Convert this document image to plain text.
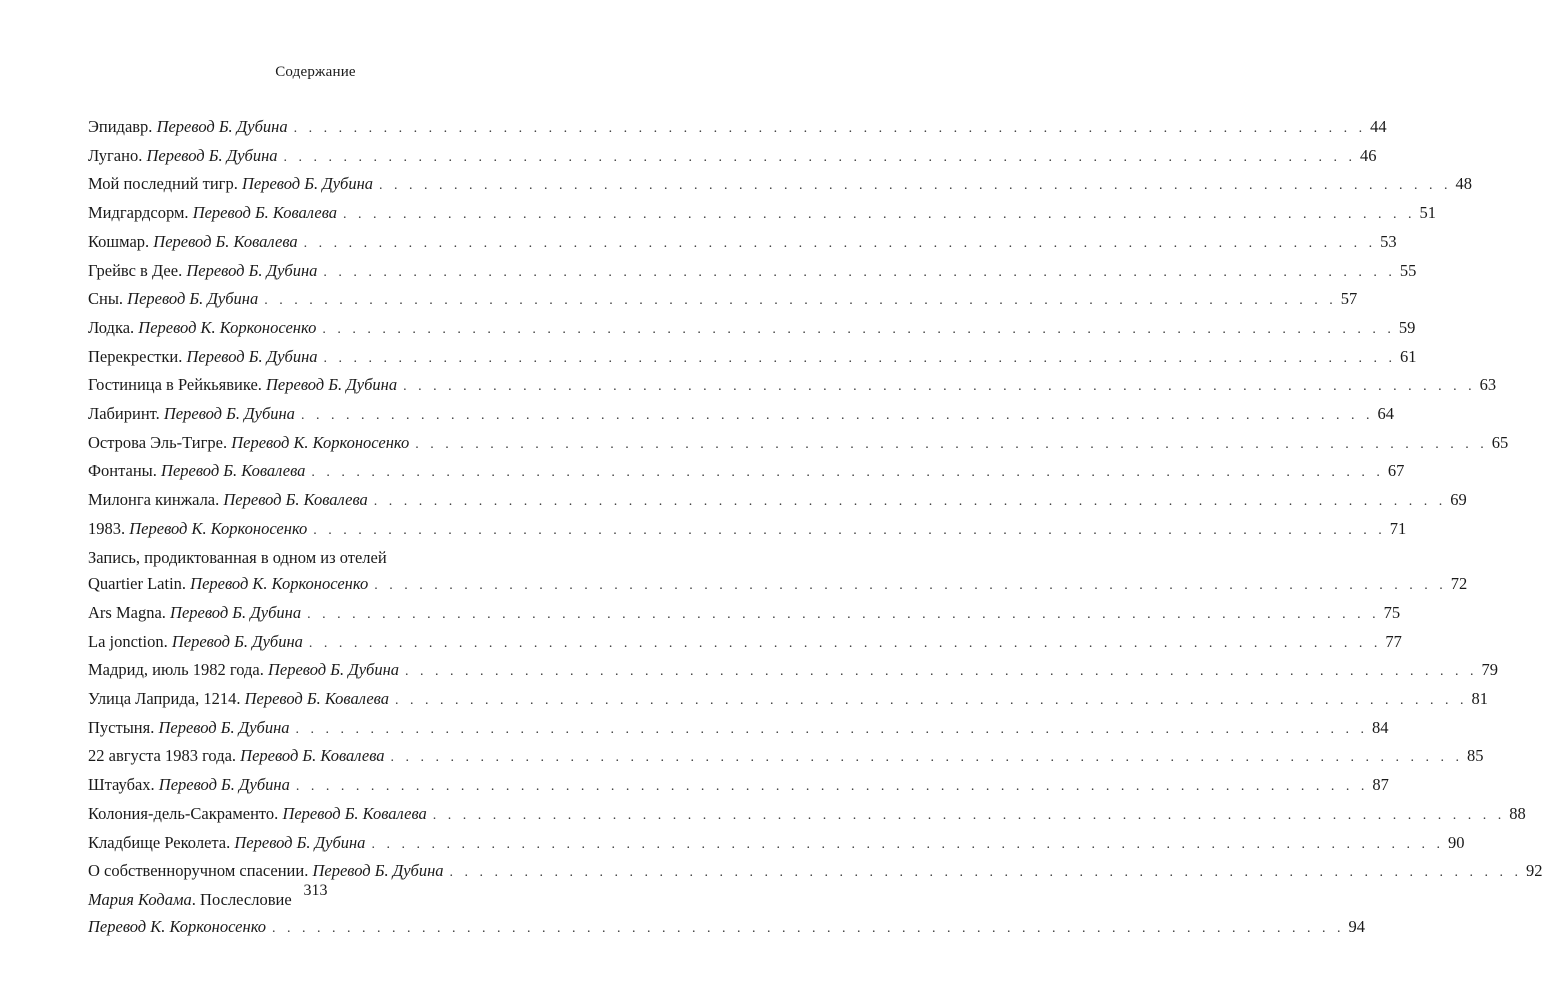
Содержание
Эпидавр. Перевод Б. Дубина . . . . . . . . . . . . . . . . . . . . . . . . . . . . . . . . . . . . . . . . . . . . . . . . . . . . . . . . . . . . . . . . . . . . . . . . 44
Лугано. Перевод Б. Дубина . . . . . . . . . . . . . . . . . . . . . . . . . . . . . . . . . . . . . . . . . . . . . . . . . . . . . . . . . . . . . . . . . . . . . . . . 46
Мой последний тигр. Перевод Б. Дубина . . . . . . . . . . . . . . . . . . . . . . . . . . . . . . . . . . . . . . . . . . . . . . . . . . . . . . . . . . . . . . . . . . . . . . . . 48
Мидгардсорм. Перевод Б. Ковалева . . . . . . . . . . . . . . . . . . . . . . . . . . . . . . . . . . . . . . . . . . . . . . . . . . . . . . . . . . . . . . . . . . . . . . . . 51
Кошмар. Перевод Б. Ковалева . . . . . . . . . . . . . . . . . . . . . . . . . . . . . . . . . . . . . . . . . . . . . . . . . . . . . . . . . . . . . . . . . . . . . . . . 53
Грейвс в Дее. Перевод Б. Дубина . . . . . . . . . . . . . . . . . . . . . . . . . . . . . . . . . . . . . . . . . . . . . . . . . . . . . . . . . . . . . . . . . . . . . . . . 55
Сны. Перевод Б. Дубина . . . . . . . . . . . . . . . . . . . . . . . . . . . . . . . . . . . . . . . . . . . . . . . . . . . . . . . . . . . . . . . . . . . . . . . . 57
Лодка. Перевод К. Корконосенко . . . . . . . . . . . . . . . . . . . . . . . . . . . . . . . . . . . . . . . . . . . . . . . . . . . . . . . . . . . . . . . . . . . . . . . . 59
Перекрестки. Перевод Б. Дубина . . . . . . . . . . . . . . . . . . . . . . . . . . . . . . . . . . . . . . . . . . . . . . . . . . . . . . . . . . . . . . . . . . . . . . . . 61
Гостиница в Рейкьявике. Перевод Б. Дубина . . . . . . . . . . . . . . . . . . . . . . . . . . . . . . . . . . . . . . . . . . . . . . . . . . . . . . . . . . . . . . . . . . . . . . . . 63
Лабиринт. Перевод Б. Дубина . . . . . . . . . . . . . . . . . . . . . . . . . . . . . . . . . . . . . . . . . . . . . . . . . . . . . . . . . . . . . . . . . . . . . . . . 64
Острова Эль-Тигре. Перевод К. Корконосенко . . . . . . . . . . . . . . . . . . . . . . . . . . . . . . . . . . . . . . . . . . . . . . . . . . . . . . . . . . . . . . . . . . . . . . . . 65
Фонтаны. Перевод Б. Ковалева . . . . . . . . . . . . . . . . . . . . . . . . . . . . . . . . . . . . . . . . . . . . . . . . . . . . . . . . . . . . . . . . . . . . . . . . 67
Милонга кинжала. Перевод Б. Ковалева . . . . . . . . . . . . . . . . . . . . . . . . . . . . . . . . . . . . . . . . . . . . . . . . . . . . . . . . . . . . . . . . . . . . . . . . 69
1983. Перевод К. Корконосенко . . . . . . . . . . . . . . . . . . . . . . . . . . . . . . . . . . . . . . . . . . . . . . . . . . . . . . . . . . . . . . . . . . . . . . . . 71
Запись, продиктованная в одном из отелей
Quartier Latin. Перевод К. Корконосенко . . . . . . . . . . . . . . . . . . . . . . . . . . . . . . . . . . . . . . . . . . . . . . . . . . . . . . . . . . . . . . . . . . . . . . . . 72
Ars Magna. Перевод Б. Дубина . . . . . . . . . . . . . . . . . . . . . . . . . . . . . . . . . . . . . . . . . . . . . . . . . . . . . . . . . . . . . . . . . . . . . . . . 75
La jonction. Перевод Б. Дубина . . . . . . . . . . . . . . . . . . . . . . . . . . . . . . . . . . . . . . . . . . . . . . . . . . . . . . . . . . . . . . . . . . . . . . . . 77
Мадрид, июль 1982 года. Перевод Б. Дубина . . . . . . . . . . . . . . . . . . . . . . . . . . . . . . . . . . . . . . . . . . . . . . . . . . . . . . . . . . . . . . . . . . . . . . . . 79
Улица Лаприда, 1214. Перевод Б. Ковалева . . . . . . . . . . . . . . . . . . . . . . . . . . . . . . . . . . . . . . . . . . . . . . . . . . . . . . . . . . . . . . . . . . . . . . . . 81
Пустыня. Перевод Б. Дубина . . . . . . . . . . . . . . . . . . . . . . . . . . . . . . . . . . . . . . . . . . . . . . . . . . . . . . . . . . . . . . . . . . . . . . . . 84
22 августа 1983 года. Перевод Б. Ковалева . . . . . . . . . . . . . . . . . . . . . . . . . . . . . . . . . . . . . . . . . . . . . . . . . . . . . . . . . . . . . . . . . . . . . . . . 85
Штаубах. Перевод Б. Дубина . . . . . . . . . . . . . . . . . . . . . . . . . . . . . . . . . . . . . . . . . . . . . . . . . . . . . . . . . . . . . . . . . . . . . . . . 87
Колония-дель-Сакраменто. Перевод Б. Ковалева . . . . . . . . . . . . . . . . . . . . . . . . . . . . . . . . . . . . . . . . . . . . . . . . . . . . . . . . . . . . . . . . . . . . . . . . 88
Кладбище Реколета. Перевод Б. Дубина . . . . . . . . . . . . . . . . . . . . . . . . . . . . . . . . . . . . . . . . . . . . . . . . . . . . . . . . . . . . . . . . . . . . . . . . 90
О собственноручном спасении. Перевод Б. Дубина . . . . . . . . . . . . . . . . . . . . . . . . . . . . . . . . . . . . . . . . . . . . . . . . . . . . . . . . . . . . . . . . . . . . . . . . 92
Мария Кодама. Послесловие
Перевод К. Корконосенко . . . . . . . . . . . . . . . . . . . . . . . . . . . . . . . . . . . . . . . . . . . . . . . . . . . . . . . . . . . . . . . . . . . . . . . . 94
313
